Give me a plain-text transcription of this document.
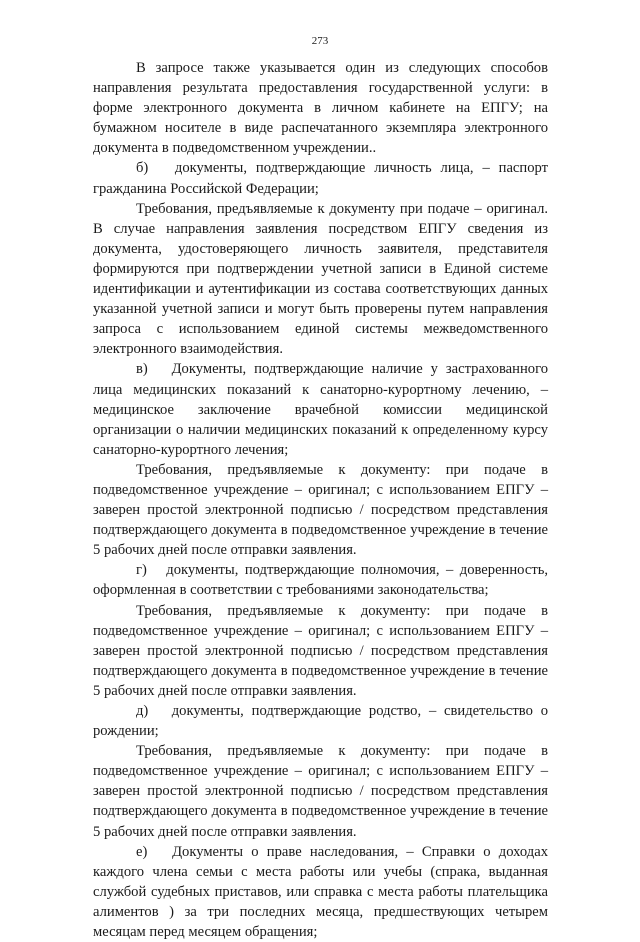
273

В запросе также указывается один из следующих способов направления результата предоставления государственной услуги: в форме электронного документа в личном кабинете на ЕПГУ; на бумажном носителе в виде распечатанного экземпляра электронного документа в подведомственном учреждении..

б)   документы, подтверждающие личность лица, – паспорт гражданина Российской Федерации;

Требования, предъявляемые к документу при подаче – оригинал. В случае направления заявления посредством ЕПГУ сведения из документа, удостоверяющего личность заявителя, представителя формируются при подтверждении учетной записи в Единой системе идентификации и аутентификации из состава соответствующих данных указанной учетной записи и могут быть проверены путем направления запроса с использованием единой системы межведомственного электронного взаимодействия.

в)   Документы, подтверждающие наличие у застрахованного лица медицинских показаний к санаторно-курортному лечению, – медицинское заключение врачебной комиссии медицинской организации о наличии медицинских показаний к определенному курсу санаторно-курортного лечения;

Требования, предъявляемые к документу: при подаче в подведомственное учреждение – оригинал; с использованием ЕПГУ – заверен простой электронной подписью / посредством представления подтверждающего документа в подведомственное учреждение в течение 5 рабочих дней после отправки заявления.

г)   документы, подтверждающие полномочия, – доверенность, оформленная в соответствии с требованиями законодательства;

Требования, предъявляемые к документу: при подаче в подведомственное учреждение – оригинал; с использованием ЕПГУ – заверен простой электронной подписью / посредством представления подтверждающего документа в подведомственное учреждение в течение 5 рабочих дней после отправки заявления.

д)   документы, подтверждающие родство, – свидетельство о рождении;

Требования, предъявляемые к документу: при подаче в подведомственное учреждение – оригинал; с использованием ЕПГУ – заверен простой электронной подписью / посредством представления подтверждающего документа в подведомственное учреждение в течение 5 рабочих дней после отправки заявления.

е)   Документы о праве наследования, – Справки о доходах каждого члена семьи с места работы или учебы (спрака, выданная службой судебных приставов, или справка с места работы плательщика алиментов ) за три последних месяца, предшествующих четырем месяцам перед месяцем обращения;
